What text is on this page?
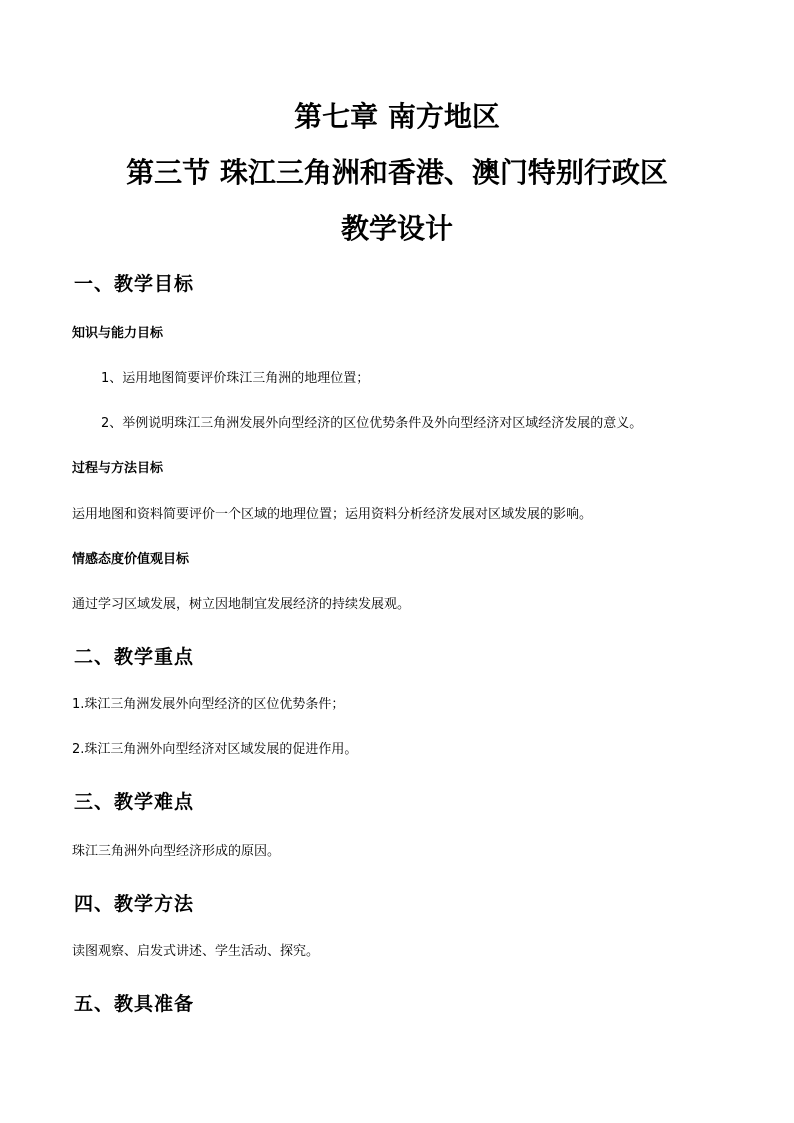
第七章 南方地区
第三节 珠江三角洲和香港、澳门特别行政区
教学设计
一、教学目标
知识与能力目标

1、运用地图简要评价珠江三角洲的地理位置；

2、举例说明珠江三角洲发展外向型经济的区位优势条件及外向型经济对区域经济发展的意义。

过程与方法目标

运用地图和资料简要评价一个区域的地理位置；运用资料分析经济发展对区域发展的影响。

情感态度价值观目标

通过学习区域发展，树立因地制宜发展经济的持续发展观。

二、教学重点

1.珠江三角洲发展外向型经济的区位优势条件；

2.珠江三角洲外向型经济对区域发展的促进作用。

三、教学难点

珠江三角洲外向型经济形成的原因。

四、教学方法

读图观察、启发式讲述、学生活动、探究。

五、教具准备
